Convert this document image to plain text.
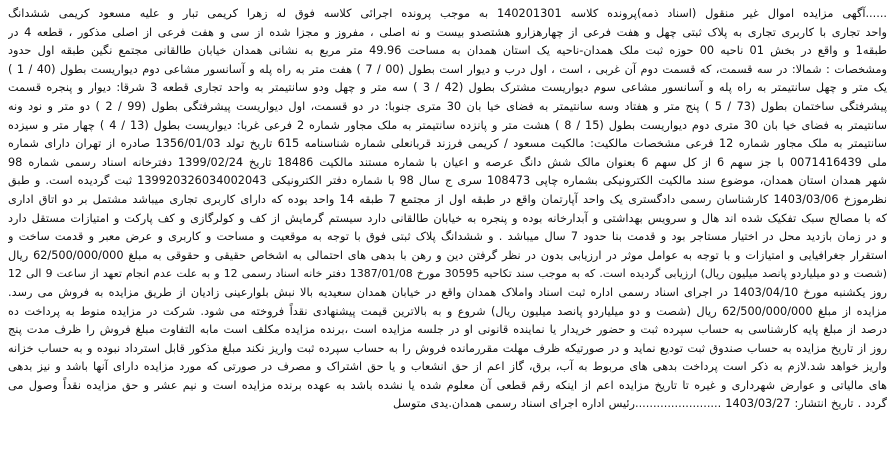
......آگهی مزایده اموال غیر منقول (اسناد ذمه)پرونده کلاسه 140201301 به موجب پرونده اجرائی کلاسه فوق له زهرا کریمی تبار و علیه مسعود کریمی ششدانگ
واحد تجاری با کاربری تجاری به پلاک ثبتی چهل و هفت فرعی از چهارهزارو هشتصدو بیست و نه اصلی ، مفروز و مجزا شده از سی و هفت فرعی از اصلی مذکور ، قطعه 4 در
طبقه1 و واقع در بخش 01 ناحیه 00 حوزه ثبت ملک همدان-ناحیه یک استان همدان به مساحت 49.96 متر مربع به نشانی همدان خیابان طالقانی مجتمع نگین طبقه اول حدود
ومشخصات : شمالا: در سه قسمت، که قسمت دوم آن غربی ، است ، اول درب و دیوار است بطول (00 / 7 ) هفت متر به راه پله و آسانسور مشاعی دوم دیواریست بطول (40 / 1 )
یک متر و چهل سانتیمتر به راه پله و آسانسور مشاعی سوم دیواریست مشترک بطول (42 / 3 ) سه متر و چهل ودو سانتیمتر به واحد تجاری قطعه 3 شرقا: دیوار و پنجره قسمت
پیشرفتگی ساختمان بطول (73 / 5 ) پنج متر و هفتاد وسه سانتیمتر به فضای خیا بان 30 متری جنوبا: در دو قسمت، اول دیواریست پیشرفتگی بطول (99 / 2 ) دو متر و نود ونه
سانتیمتر به فضای خیا بان 30 متری دوم دیواریست بطول (15 / 8 ) هشت متر و پانزده سانتیمتر به ملک مجاور شماره 2 فرعی غربا: دیواریست بطول (13 / 4 ) چهار متر و سیزده
سانتیمتر به ملک مجاور شماره 12 فرعی مشخصات مالکیت: مالکیت مسعود / کریمی فرزند قربانعلی شماره شناسنامه 615 تاریخ تولد 1356/01/03 صادره از تهران دارای شماره
ملی 0071416439 با جز سهم 6 از کل سهم 6 بعنوان مالک شش دانگ عرصه و اعیان با شماره مستند مالکیت 18486 تاریخ 1399/02/24 دفترخانه اسناد رسمی شماره 98
شهر همدان استان همدان، موضوع سند مالکیت الکترونیکی بشماره چاپی 108473 سری ج سال 98 با شماره دفتر الکترونیکی 139920326034002043 ثبت گردیده است. و طبق
نظرموزخ 1403/03/06 کارشناسان رسمی دادگستری یک واحد آپارتمان واقع در طبقه اول از مجتمع 7 طبقه 14 واحد بوده که دارای کاربری تجاری میباشد مشتمل بر دو اتاق اداری
که با مصالح سبک تفکیک شده اند هال و سرویس بهداشتی و آبدارخانه بوده و پنجره به خیابان طالقانی دارد سیستم گرمایش از کف و کولرگازی و کف پارکت و امتیازات مستقل دارد
و در زمان بازدید محل در اختیار مستاجر بود و قدمت بنا حدود 7 سال میباشد . و ششدانگ پلاک ثبتی فوق با توجه به موقعیت و مساحت و کاربری و عرض معبر و قدمت ساخت و
استقرار جغرافیایی و امتیازات و با توجه به عوامل موثر در ارزیابی بدون در نظر گرفتن دین و رهن با بدهی های احتمالی به اشخاص حقیقی و حقوقی به مبلغ 62/500/000/000 ریال
(شصت و دو میلیاردو پانصد میلیون ریال) ارزیابی گردیده است. که به موجب سند تکاحیه 30595 مورخ 1387/01/08 دفتر خانه اسناد رسمی 12 و به علت عدم انجام تعهد از ساعت 9 الی 12
روز یکشنبه مورخ 1403/04/10 در اجرای اسناد رسمی اداره ثبت اسناد واملاک همدان واقع در خیابان همدان سعیدیه بالا نبش بلوارعینی زادیان از طریق مزایده به فروش می رسد.
مزایده از مبلغ 62/500/000/000 ریال (شصت و دو میلیاردو پانصد میلیون ریال) شروع و به بالاترین قیمت پیشنهادی نقداً فروخته می شود. شرکت در مزایده منوط به پرداخت ده
درصد از مبلغ پایه کارشناسی به حساب سپرده ثبت و حضور خریدار یا نماینده قانونی او در جلسه مزایده است ،برنده مزایده مکلف است مابه التفاوت مبلغ فروش را ظرف مدت پنج
روز از تاریخ مزایده به حساب صندوق ثبت تودیع نماید و در صورتیکه ظرف مهلت مقررمانده فروش را به حساب سپرده ثبت واریز نکند مبلغ مذکور قابل استرداد نبوده و به حساب خزانه
واریز خواهد شد.لازم به ذکر است پرداخت بدهی های مربوط به آب، برق، گاز اعم از حق انشعاب و یا حق اشتراک و مصرف در صورتی که مورد مزایده دارای آنها باشد و نیز بدهی
های مالیاتی و عوارض شهرداری و غیره تا تاریخ مزایده اعم از اینکه رقم قطعی آن معلوم شده یا نشده باشد به عهده برنده مزایده است و نیم عشر و حق مزایده نقداً وصول می
گردد . تاریخ انتشار: 1403/03/27 ........................رئیس اداره اجرای اسناد رسمی همدان.یدی متوسل
